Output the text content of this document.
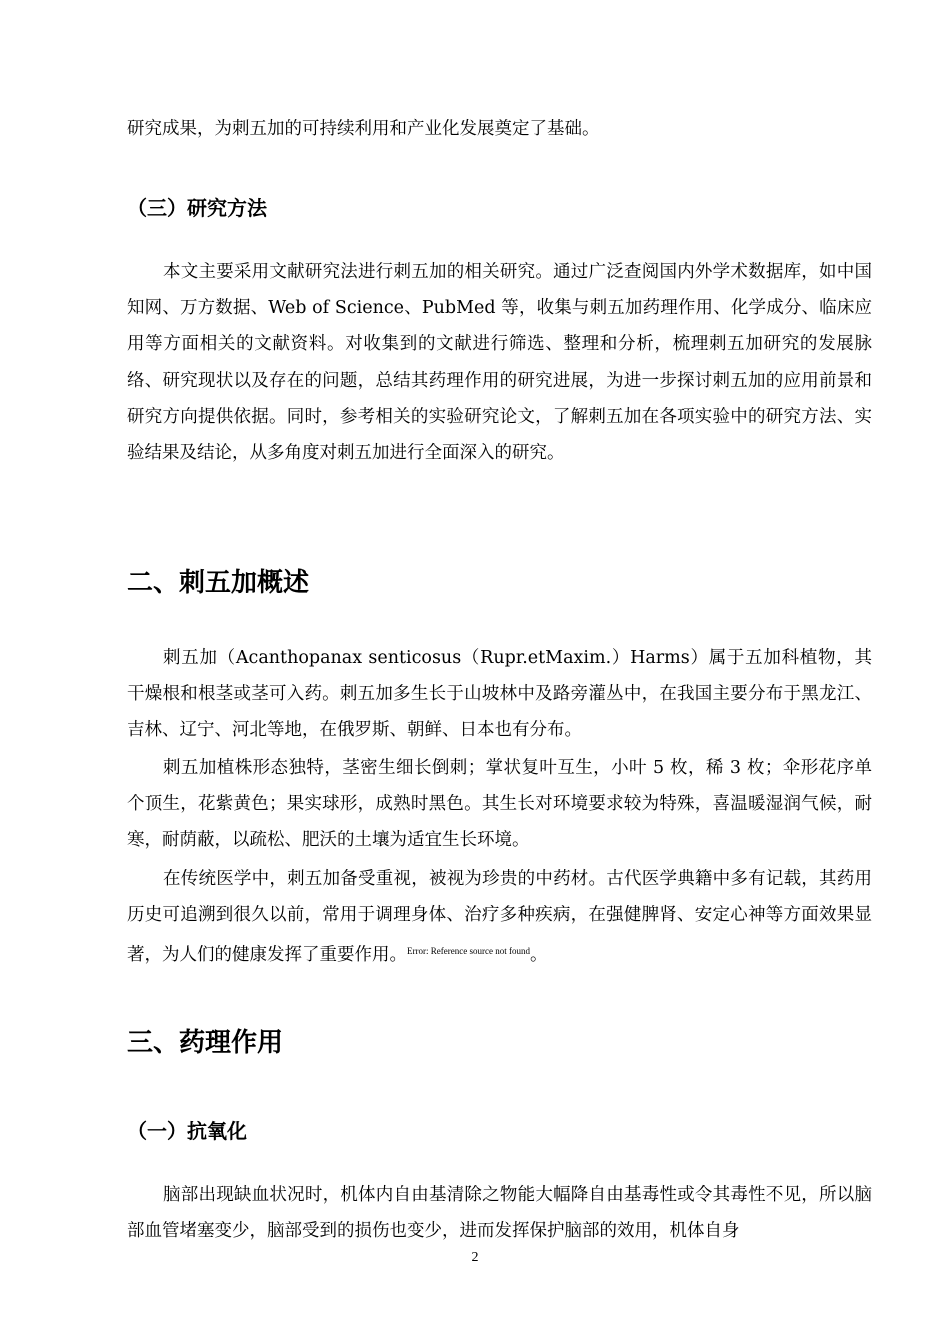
研究成果，为刺五加的可持续利用和产业化发展奠定了基础。

（三）研究方法

本文主要采用文献研究法进行刺五加的相关研究。通过广泛查阅国内外学术数据库，如中国知网、万方数据、Web of Science、PubMed 等，收集与刺五加药理作用、化学成分、临床应用等方面相关的文献资料。对收集到的文献进行筛选、整理和分析，梳理刺五加研究的发展脉络、研究现状以及存在的问题，总结其药理作用的研究进展，为进一步探讨刺五加的应用前景和研究方向提供依据。同时，参考相关的实验研究论文，了解刺五加在各项实验中的研究方法、实验结果及结论，从多角度对刺五加进行全面深入的研究。

二、刺五加概述

刺五加（Acanthopanax senticosus（Rupr.etMaxim.）Harms）属于五加科植物，其干燥根和根茎或茎可入药。刺五加多生长于山坡林中及路旁灌丛中，在我国主要分布于黑龙江、吉林、辽宁、河北等地，在俄罗斯、朝鲜、日本也有分布。

刺五加植株形态独特，茎密生细长倒刺；掌状复叶互生，小叶 5 枚，稀 3 枚；伞形花序单个顶生，花紫黄色；果实球形，成熟时黑色。其生长对环境要求较为特殊，喜温暖湿润气候，耐寒，耐荫蔽，以疏松、肥沃的土壤为适宜生长环境。

在传统医学中，刺五加备受重视，被视为珍贵的中药材。古代医学典籍中多有记载，其药用历史可追溯到很久以前，常用于调理身体、治疗多种疾病，在强健脾肾、安定心神等方面效果显著，为人们的健康发挥了重要作用。$^{Error: Reference source not found}$。

三、药理作用
（一）抗氧化

脑部出现缺血状况时，机体内自由基清除之物能大幅降自由基毒性或令其毒性不见，所以脑部血管堵塞变少，脑部受到的损伤也变少，进而发挥保护脑部的效用，机体自身

2
